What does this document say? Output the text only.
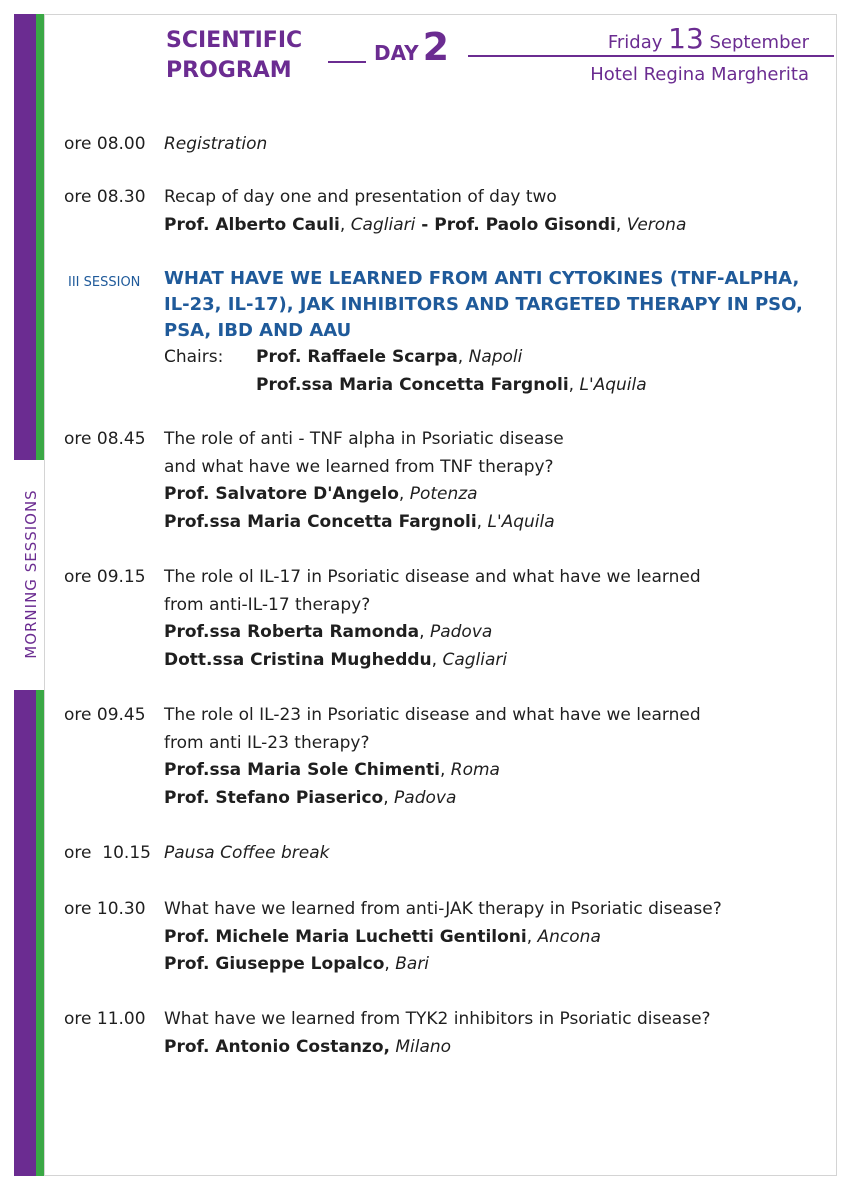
MORNING SESSIONS
SCIENTIFIC
PROGRAM
DAY 2	Friday 13 September
Hotel Regina Margherita
ore 08.00 Registration
ore 08.30 Recap of day one and presentation of day two
Prof. Alberto Cauli, Cagliari - Prof. Paolo Gisondi, Verona
III SESSION WHAT HAVE WE LEARNED FROM ANTI CYTOKINES (TNF-ALPHA,
IL-23, IL-17), JAK INHIBITORS AND TARGETED THERAPY IN PSO,
PSA, IBD AND AAU
Chairs: Prof. Raffaele Scarpa, Napoli
Prof.ssa Maria Concetta Fargnoli, L'Aquila
ore 08.45 The role of anti - TNF alpha in Psoriatic disease
and what have we learned from TNF therapy?
Prof. Salvatore D'Angelo, Potenza
Prof.ssa Maria Concetta Fargnoli, L'Aquila
ore 09.15 The role ol IL-17 in Psoriatic disease and what have we learned
from anti-IL-17 therapy?
Prof.ssa Roberta Ramonda, Padova
Dott.ssa Cristina Mugheddu, Cagliari
ore 09.45 The role ol IL-23 in Psoriatic disease and what have we learned
from anti IL-23 therapy?
Prof.ssa Maria Sole Chimenti, Roma
Prof. Stefano Piaserico, Padova
ore  10.15 Pausa Coffee break
ore 10.30 What have we learned from anti-JAK therapy in Psoriatic disease?
Prof. Michele Maria Luchetti Gentiloni, Ancona
Prof. Giuseppe Lopalco, Bari
ore 11.00 What have we learned from TYK2 inhibitors in Psoriatic disease?
Prof. Antonio Costanzo, Milano
